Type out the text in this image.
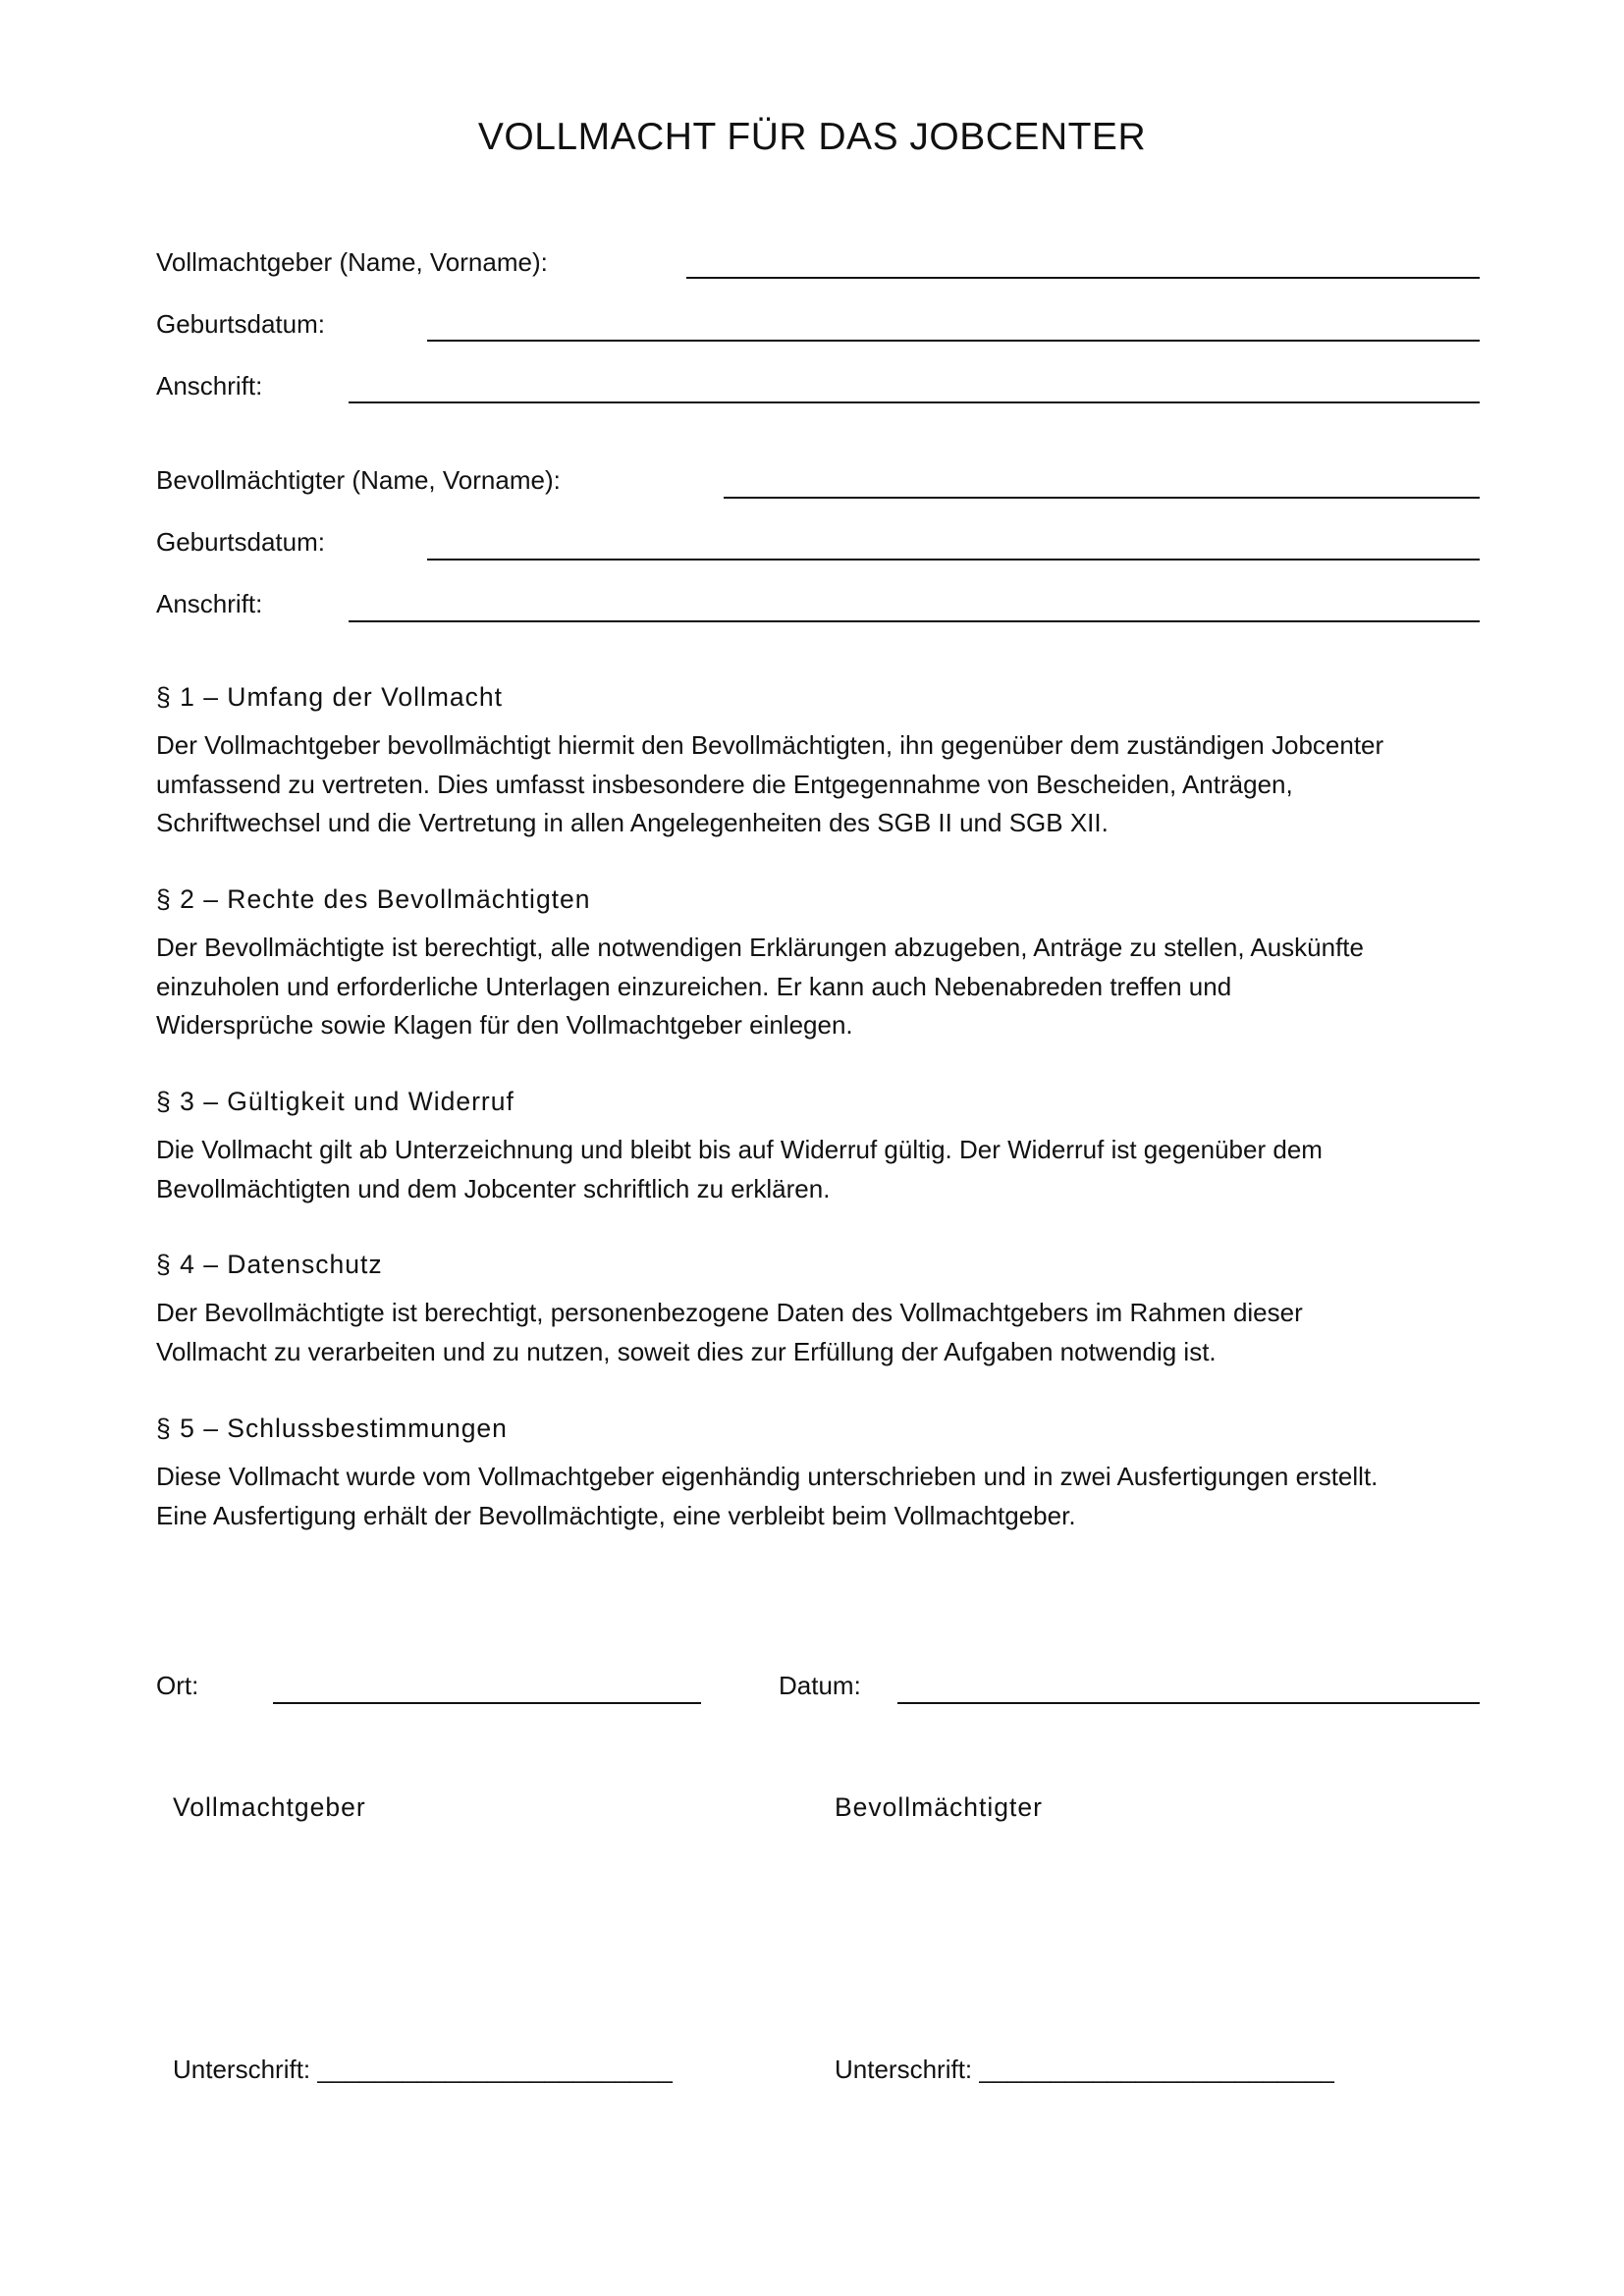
VOLLMACHT FÜR DAS JOBCENTER
Vollmachtgeber (Name, Vorname):
Geburtsdatum:
Anschrift:
Bevollmächtigter (Name, Vorname):
Geburtsdatum:
Anschrift:
§ 1 – Umfang der Vollmacht

Der Vollmachtgeber bevollmächtigt hiermit den Bevollmächtigten, ihn gegenüber dem zuständigen Jobcenter

umfassend zu vertreten. Dies umfasst insbesondere die Entgegennahme von Bescheiden, Anträgen,

Schriftwechsel und die Vertretung in allen Angelegenheiten des SGB II und SGB XII.

§ 2 – Rechte des Bevollmächtigten

Der Bevollmächtigte ist berechtigt, alle notwendigen Erklärungen abzugeben, Anträge zu stellen, Auskünfte

einzuholen und erforderliche Unterlagen einzureichen. Er kann auch Nebenabreden treffen und

Widersprüche sowie Klagen für den Vollmachtgeber einlegen.

§ 3 – Gültigkeit und Widerruf

Die Vollmacht gilt ab Unterzeichnung und bleibt bis auf Widerruf gültig. Der Widerruf ist gegenüber dem

Bevollmächtigten und dem Jobcenter schriftlich zu erklären.

§ 4 – Datenschutz

Der Bevollmächtigte ist berechtigt, personenbezogene Daten des Vollmachtgebers im Rahmen dieser

Vollmacht zu verarbeiten und zu nutzen, soweit dies zur Erfüllung der Aufgaben notwendig ist.

§ 5 – Schlussbestimmungen

Diese Vollmacht wurde vom Vollmachtgeber eigenhändig unterschrieben und in zwei Ausfertigungen erstellt.

Eine Ausfertigung erhält der Bevollmächtigte, eine verbleibt beim Vollmachtgeber.

Ort:	Datum:
Vollmachtgeber	Bevollmächtigter
Unterschrift: _________________________	Unterschrift: _________________________
